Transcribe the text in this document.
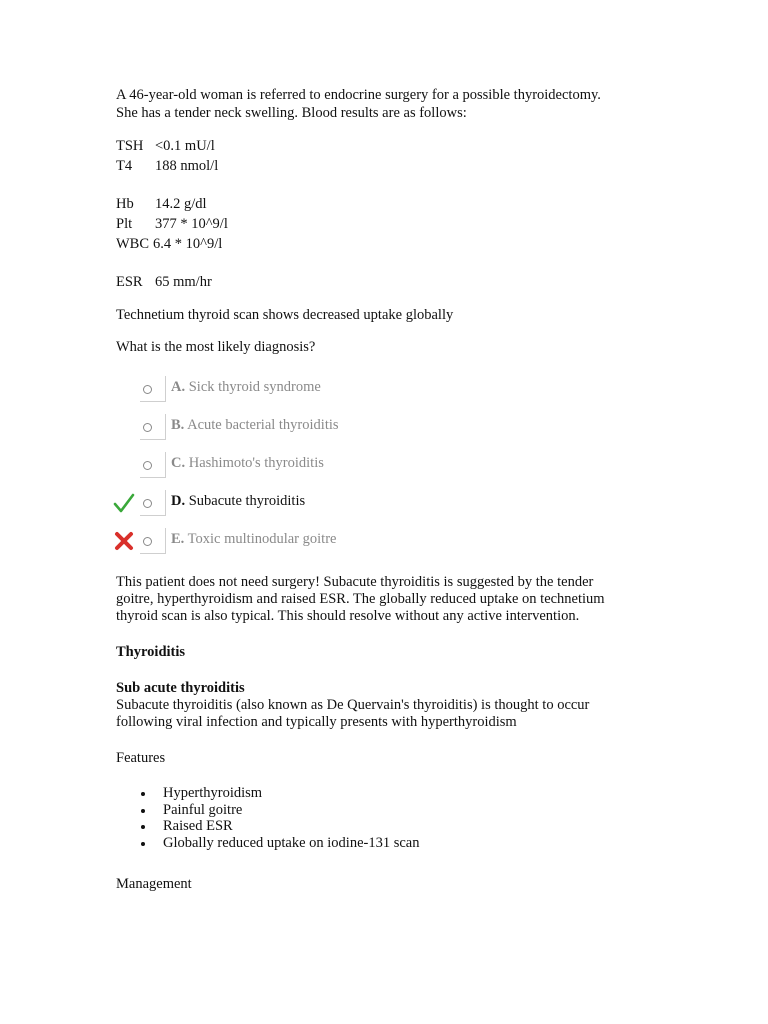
A 46-year-old woman is referred to endocrine surgery for a possible thyroidectomy.
She has a tender neck swelling. Blood results are as follows:
TSH <0.1 mU/l
T4	188 nmol/l
Hb	14.2 g/dl
Plt	377 * 10^9/l
WBC 6.4 * 10^9/l
ESR 65 mm/hr
Technetium thyroid scan shows decreased uptake globally
What is the most likely diagnosis?
A. Sick thyroid syndrome
B. Acute bacterial thyroiditis
C. Hashimoto's thyroiditis
D. Subacute thyroiditis
E. Toxic multinodular goitre
This patient does not need surgery! Subacute thyroiditis is suggested by the tender
goitre, hyperthyroidism and raised ESR. The globally reduced uptake on technetium
thyroid scan is also typical. This should resolve without any active intervention.
Thyroiditis
Sub acute thyroiditis
Subacute thyroiditis (also known as De Quervain's thyroiditis) is thought to occur
following viral infection and typically presents with hyperthyroidism
Features
Hyperthyroidism
Painful goitre
Raised ESR
Globally reduced uptake on iodine-131 scan
Management
